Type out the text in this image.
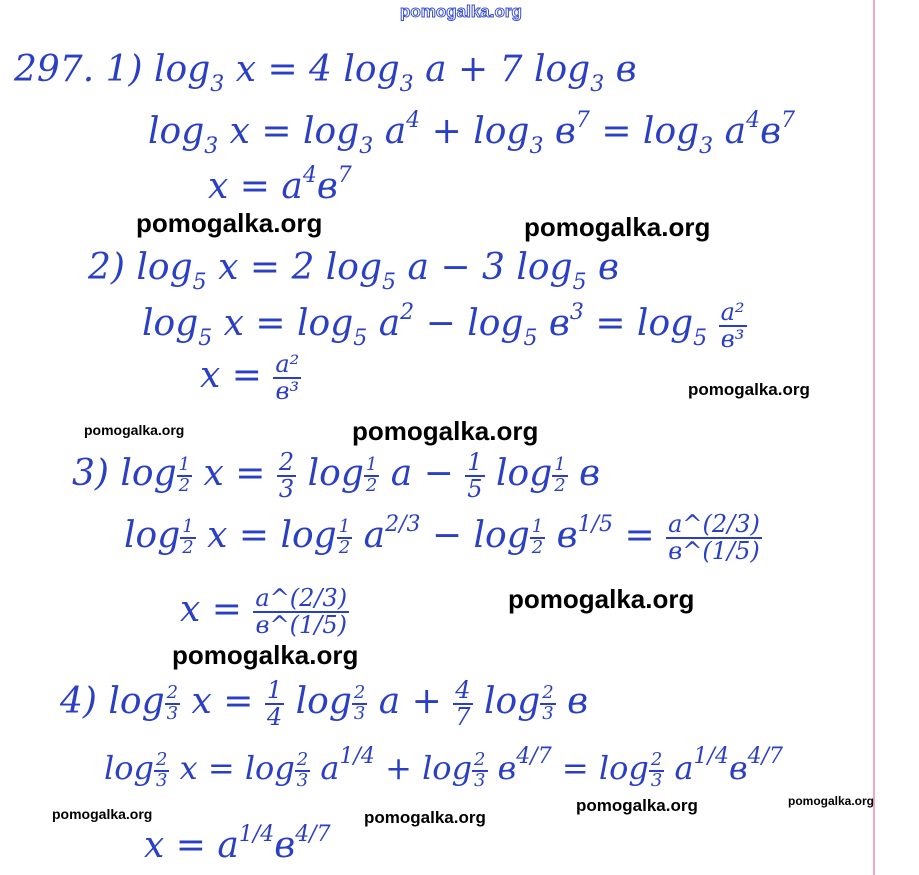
pomogalka.org
297. 1) $\log_3 x = 4$ $\log_3 a + 7$ $\log_3 в$
$\log_3 x = \log_3 a^4 + \log_3 в^7 = \log_3 a^4в^7$
$x = a^4в^7$
pomogalka.org	pomogalka.org
2) $\log_5 x = 2$ $\log_5 a - 3$ $\log_5 в$
$\log_5 x = \log_5 a^2 - \log_5 в^3 = \log_5 \frac{\text{a²}}{\text{в³}}$
$x = \frac{\text{a²}}{\text{в³}}$	pomogalka.org
pomogalka.org	pomogalka.org
3) $\log \frac{1}{2}$ $x = \frac{2}{3}$ $\log \frac{1}{2}$ $a - \frac{1}{5}$ $\log \frac{1}{2}$ в
$\log \frac{1}{2}$ $x = \log \frac{1}{2} a^{2/3} - \log \frac{1}{2} в^{1/5} = \frac{a\^{}(2/3)}{в\^{}(1/5)}$
$x = \frac{a\^{}(2/3)}{в\^{}(1/5)}$	pomogalka.org
pomogalka.org
4) $\log \frac{2}{3}$ $x = \frac{1}{4}$ $\log \frac{2}{3}$ $a + \frac{4}{7}$ $\log \frac{2}{3}$ в
$\log \frac{2}{3}$ $x = \log \frac{2}{3} a^{1/4} + \log \frac{2}{3} в^{4/7} = \log \frac{2}{3} a^{1/4}в^{4/7}$
$x = a^{1/4}в^{4/7}$
pomogalka.org	pomogalka.org
pomogalka.org	pomogalka.org
